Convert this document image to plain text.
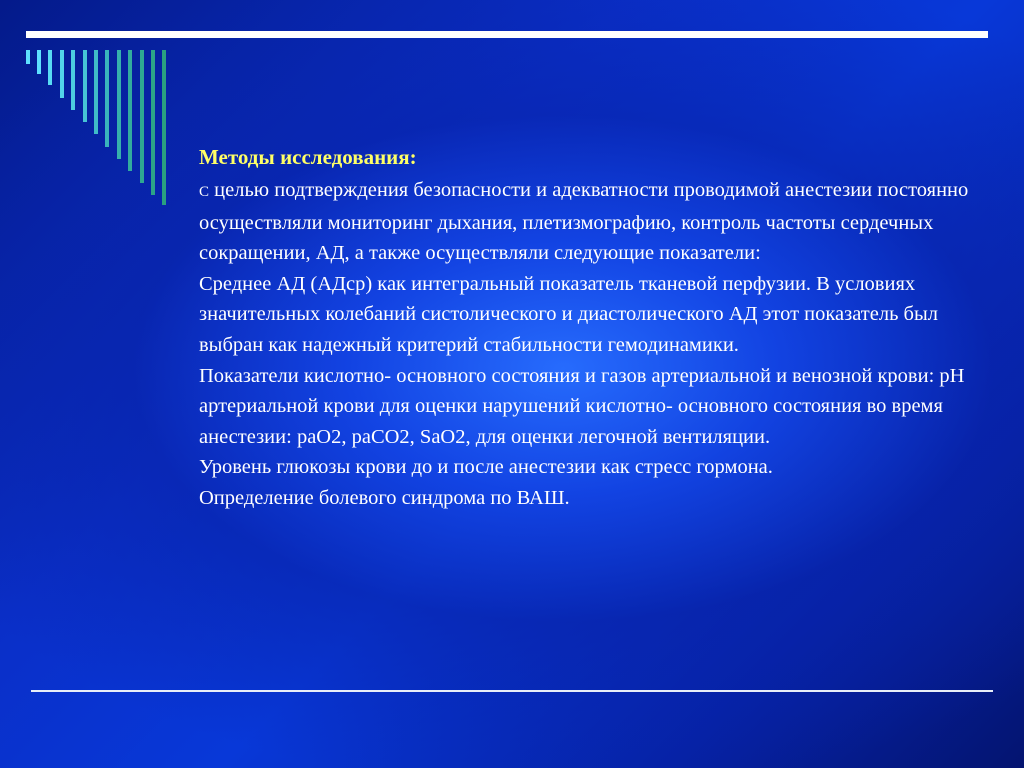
Методы исследования:

С целью подтверждения безопасности и адекватности проводимой анестезии постоянно осуществляли мониторинг дыхания, плетизмографию, контроль частоты сердечных сокращении, АД, а также осуществляли следующие показатели:

Среднее АД (АДср) как интегральный показатель тканевой перфузии. В условиях значительных колебаний систолического и диастолического АД этот показатель был выбран как надежный критерий стабильности гемодинамики.

Показатели кислотно- основного состояния и газов артериальной и венозной крови: рН артериальной крови для оценки нарушений кислотно- основного состояния во время анестезии: раО2, раСО2, SaO2, для оценки легочной вентиляции.

Уровень глюкозы крови до и после анестезии как стресс гормона.

Определение болевого синдрома по ВАШ.
